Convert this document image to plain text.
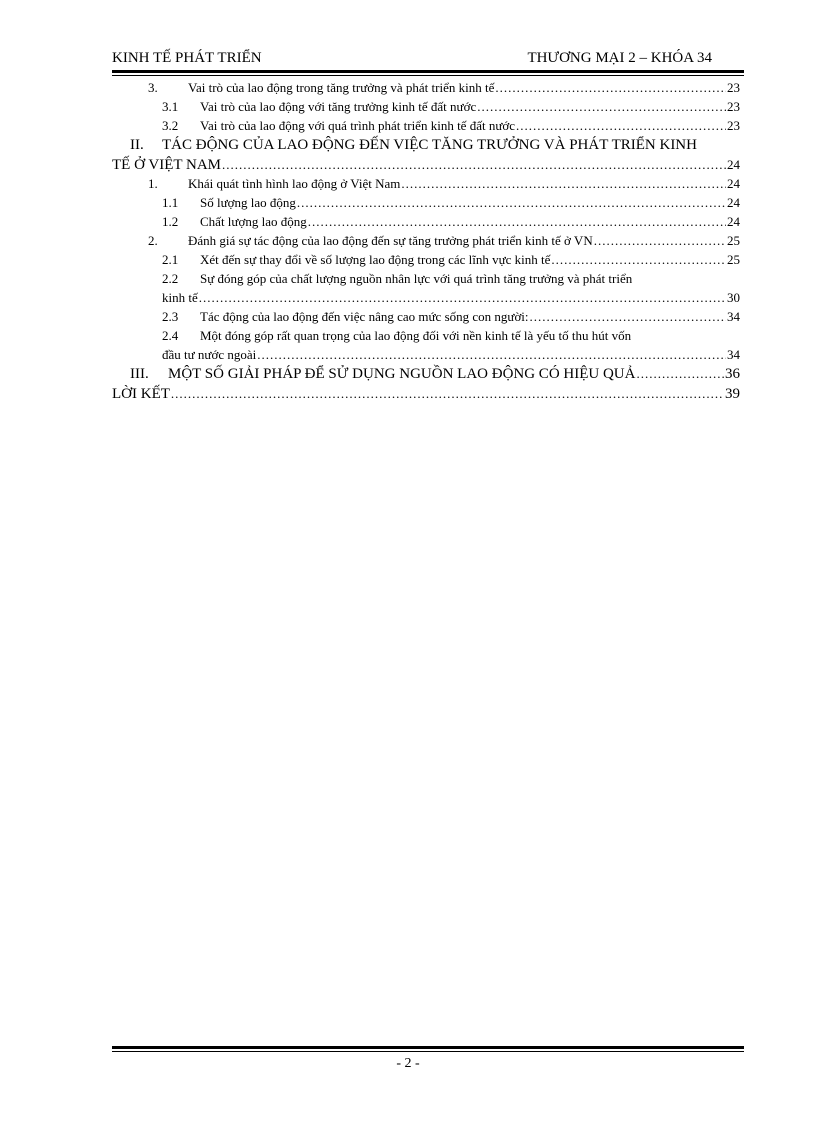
KINH TẾ PHÁT TRIỂN	THƯƠNG MẠI 2 – KHÓA 34
3. Vai trò của lao động trong tăng trưởng và phát triển kinh tế .....	23
3.1 Vai trò của lao động với tăng trưởng kinh tế đất nước .....	23
3.2 Vai trò của lao động với quá trình phát triển kinh tế đất nước .....	23
II. TÁC ĐỘNG CỦA LAO ĐỘNG ĐẾN VIỆC TĂNG TRƯỞNG VÀ PHÁT TRIỂN KINH
TẾ Ở VIỆT NAM .....	24
1. Khái quát tình hình lao động ở Việt Nam .....	24
1.1 Số lượng lao động .....	24
1.2 Chất lượng lao động .....	24
2. Đánh giá sự tác động của lao động đến sự tăng trưởng phát triển kinh tế ở VN .....	25
2.1 Xét đến sự thay đổi về số lượng lao động trong các lĩnh vực kinh tế .....	25
2.2 Sự đóng góp của chất lượng nguồn nhân lực với quá trình tăng trưởng và phát triển
kinh tế .....	30
2.3 Tác động của lao động đến việc nâng cao mức sống con người: .....	34
2.4 Một đóng góp rất quan trọng của lao động đối với nền kinh tế là yếu tố thu hút vốn
đầu tư nước ngoài .....	34
III. MỘT SỐ GIẢI PHÁP ĐỂ SỬ DỤNG NGUỒN LAO ĐỘNG CÓ HIỆU QUẢ .....	36
LỜI KẾT .....	39
- 2 -
